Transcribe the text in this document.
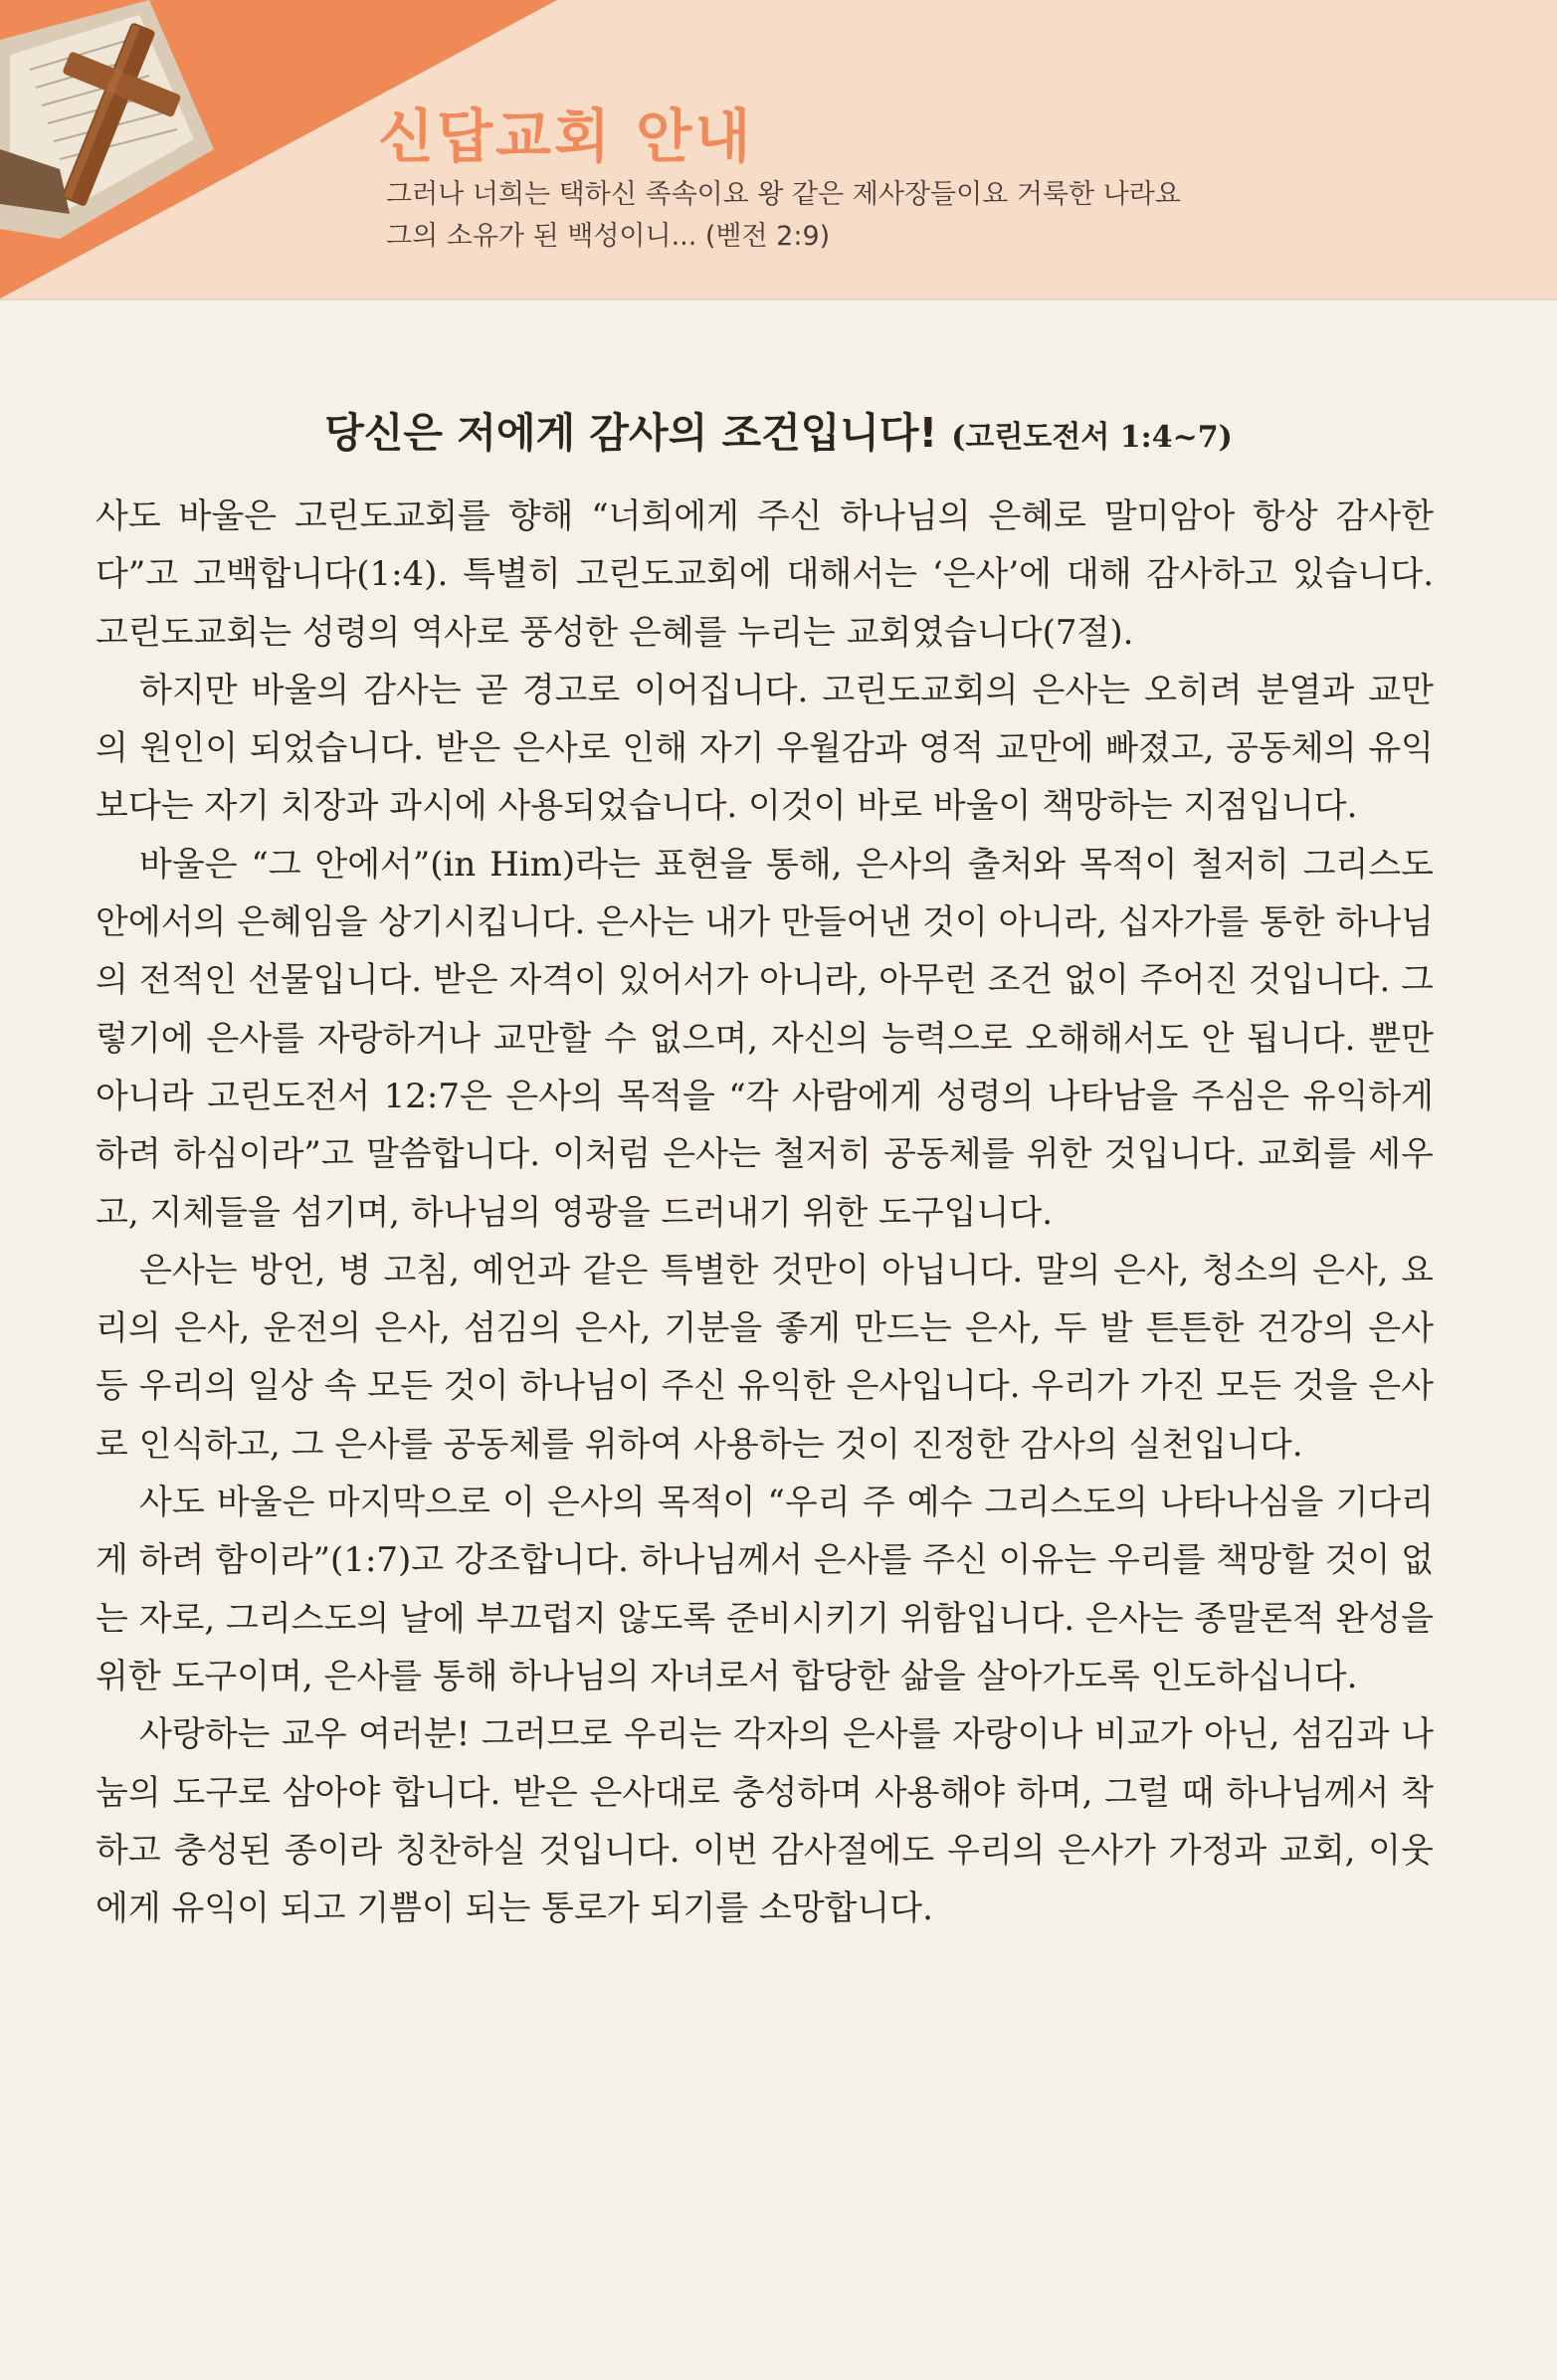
신답교회 안내
그러나 너희는 택하신 족속이요 왕 같은 제사장들이요 거룩한 나라요
그의 소유가 된 백성이니... (벧전 2:9)
당신은 저에게 감사의 조건입니다! (고린도전서 1:4~7)

사도 바울은 고린도교회를 향해 “너희에게 주신 하나님의 은혜로 말미암아 항상 감사한다”고 고백합니다(1:4). 특별히 고린도교회에 대해서는 ‘은사’에 대해 감사하고 있습니다. 고린도교회는 성령의 역사로 풍성한 은혜를 누리는 교회였습니다(7절).

하지만 바울의 감사는 곧 경고로 이어집니다. 고린도교회의 은사는 오히려 분열과 교만의 원인이 되었습니다. 받은 은사로 인해 자기 우월감과 영적 교만에 빠졌고, 공동체의 유익보다는 자기 치장과 과시에 사용되었습니다. 이것이 바로 바울이 책망하는 지점입니다.

바울은 “그 안에서”(in Him)라는 표현을 통해, 은사의 출처와 목적이 철저히 그리스도 안에서의 은혜임을 상기시킵니다. 은사는 내가 만들어낸 것이 아니라, 십자가를 통한 하나님의 전적인 선물입니다. 받은 자격이 있어서가 아니라, 아무런 조건 없이 주어진 것입니다. 그렇기에 은사를 자랑하거나 교만할 수 없으며, 자신의 능력으로 오해해서도 안 됩니다. 뿐만 아니라 고린도전서 12:7은 은사의 목적을 “각 사람에게 성령의 나타남을 주심은 유익하게 하려 하심이라”고 말씀합니다. 이처럼 은사는 철저히 공동체를 위한 것입니다. 교회를 세우고, 지체들을 섬기며, 하나님의 영광을 드러내기 위한 도구입니다.

은사는 방언, 병 고침, 예언과 같은 특별한 것만이 아닙니다. 말의 은사, 청소의 은사, 요리의 은사, 운전의 은사, 섬김의 은사, 기분을 좋게 만드는 은사, 두 발 튼튼한 건강의 은사 등 우리의 일상 속 모든 것이 하나님이 주신 유익한 은사입니다. 우리가 가진 모든 것을 은사로 인식하고, 그 은사를 공동체를 위하여 사용하는 것이 진정한 감사의 실천입니다.

사도 바울은 마지막으로 이 은사의 목적이 “우리 주 예수 그리스도의 나타나심을 기다리게 하려 함이라”(1:7)고 강조합니다. 하나님께서 은사를 주신 이유는 우리를 책망할 것이 없는 자로, 그리스도의 날에 부끄럽지 않도록 준비시키기 위함입니다. 은사는 종말론적 완성을 위한 도구이며, 은사를 통해 하나님의 자녀로서 합당한 삶을 살아가도록 인도하십니다.

사랑하는 교우 여러분! 그러므로 우리는 각자의 은사를 자랑이나 비교가 아닌, 섬김과 나눔의 도구로 삼아야 합니다. 받은 은사대로 충성하며 사용해야 하며, 그럴 때 하나님께서 착하고 충성된 종이라 칭찬하실 것입니다. 이번 감사절에도 우리의 은사가 가정과 교회, 이웃에게 유익이 되고 기쁨이 되는 통로가 되기를 소망합니다.
